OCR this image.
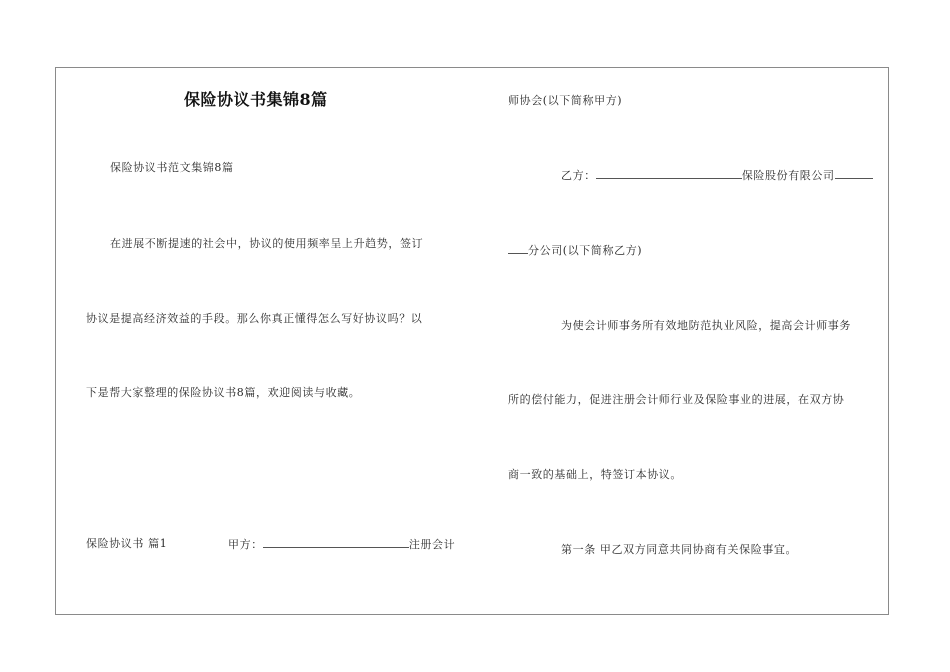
保险协议书集锦8篇
保险协议书范文集锦8篇
在进展不断提速的社会中，协议的使用频率呈上升趋势，签订
协议是提高经济效益的手段。那么你真正懂得怎么写好协议吗？以
下是帮大家整理的保险协议书8篇，欢迎阅读与收藏。
保险协议书 篇1	甲方：	注册会计
师协会(以下简称甲方)
乙方：	保险股份有限公司
分公司(以下简称乙方)
为使会计师事务所有效地防范执业风险，提高会计师事务
所的偿付能力，促进注册会计师行业及保险事业的进展，在双方协
商一致的基础上，特签订本协议。
第一条 甲乙双方同意共同协商有关保险事宜。
